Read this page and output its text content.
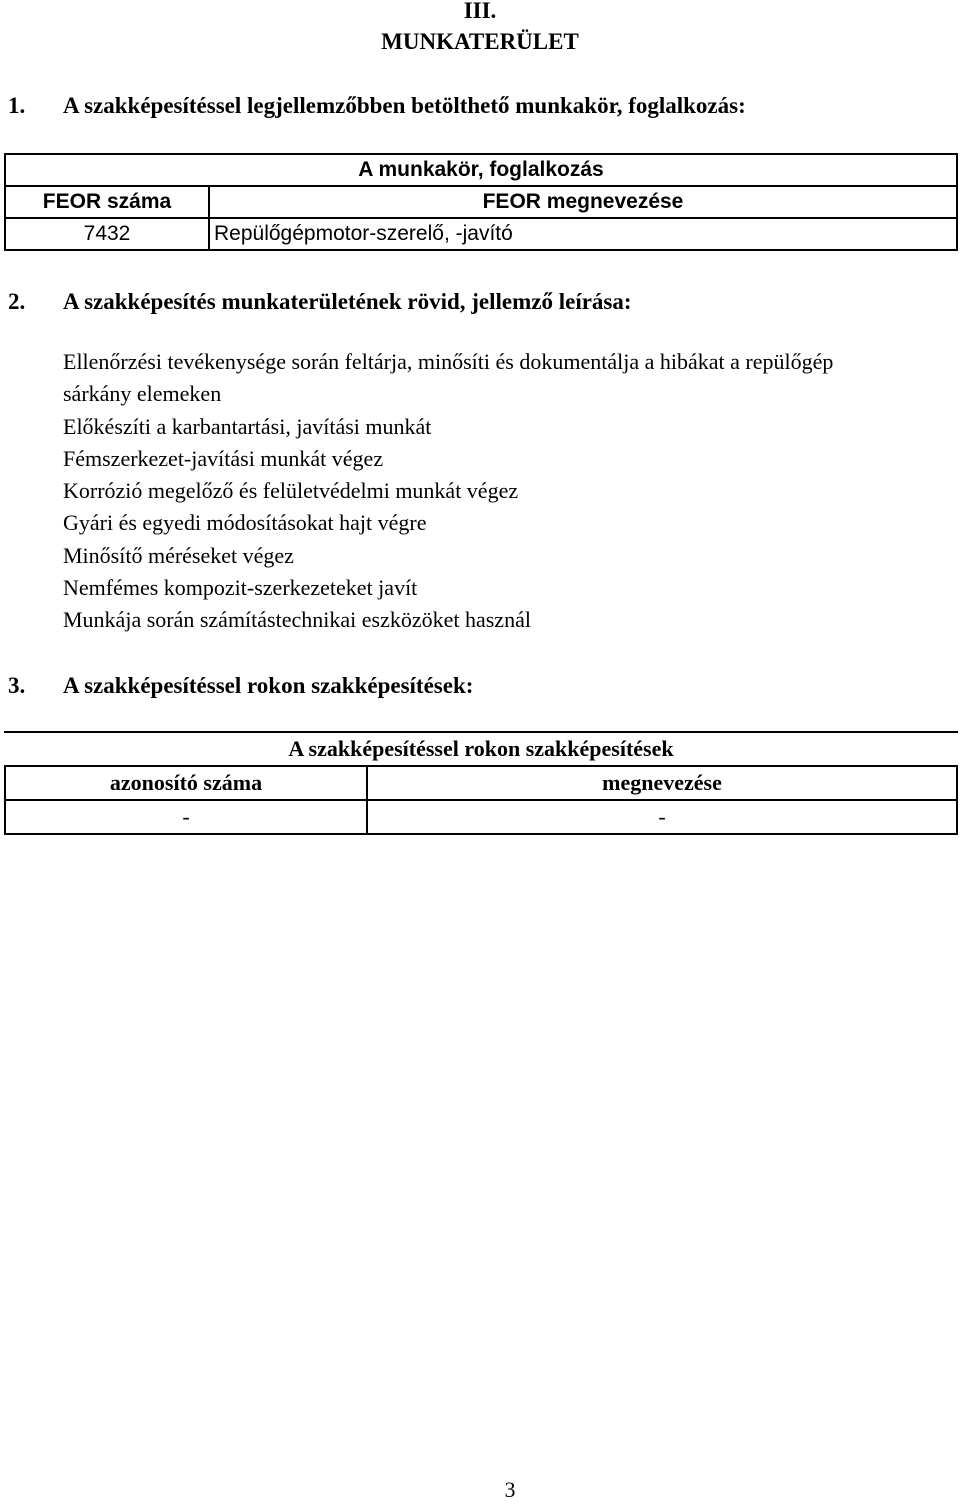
III.
MUNKATERÜLET
1. A szakképesítéssel legjellemzőbben betölthető munkakör, foglalkozás:
A munkakör, foglalkozás	
FEOR száma	FEOR megnevezése
7432	Repülőgépmotor-szerelő, -javító
2. A szakképesítés munkaterületének rövid, jellemző leírása:
Ellenőrzési tevékenysége során feltárja, minősíti és dokumentálja a hibákat a repülőgép
sárkány elemeken
Előkészíti a karbantartási, javítási munkát
Fémszerkezet-javítási munkát végez
Korrózió megelőző és felületvédelmi munkát végez
Gyári és egyedi módosításokat hajt végre
Minősítő méréseket végez
Nemfémes kompozit-szerkezeteket javít
Munkája során számítástechnikai eszközöket használ
3. A szakképesítéssel rokon szakképesítések:
A szakképesítéssel rokon szakképesítések	
azonosító száma	megnevezése
-	-
3
